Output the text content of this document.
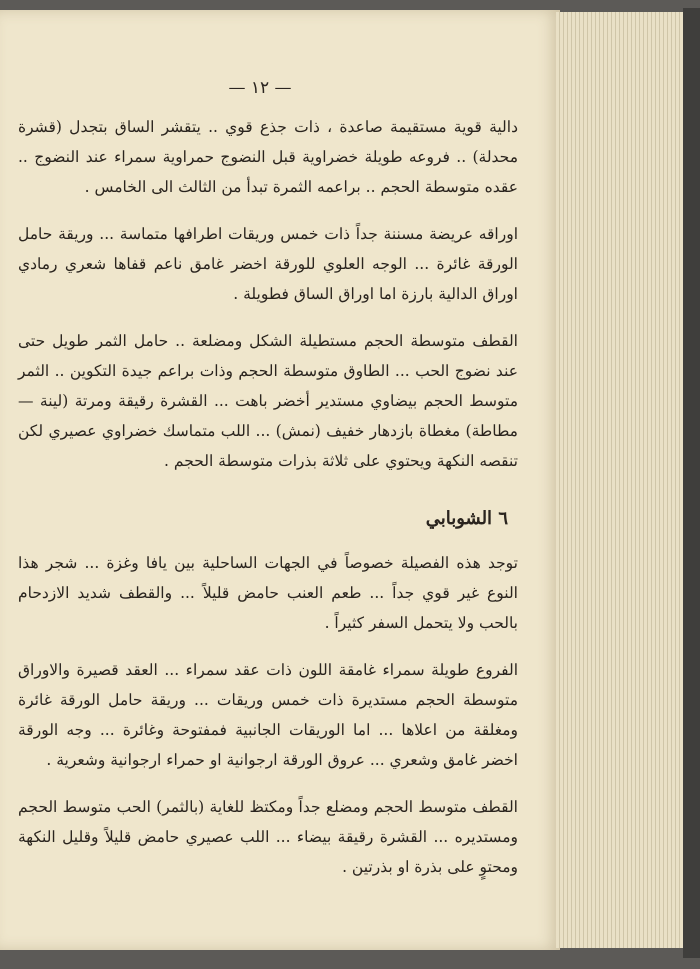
— ١٢ —

دالية قوية مستقيمة صاعدة ، ذات جذع قوي .. يتقشر الساق بتجدل (قشرة محدلة) .. فروعه طويلة خضراوية قبل النضوج حمراوية سمراء عند النضوج .. عقده متوسطة الحجم .. براعمه الثمرة تبدأ من الثالث الى الخامس .

اوراقه عريضة مسننة جداً ذات خمس وريقات اطرافها متماسة ... وريقة حامل الورقة غائرة ... الوجه العلوي للورقة اخضر غامق ناعم قفاها شعري رمادي اوراق الدالية بارزة اما اوراق الساق فطويلة .

القطف متوسطة الحجم مستطيلة الشكل ومضلعة .. حامل الثمر طويل حتى عند نضوج الحب ... الطاوق متوسطة الحجم وذات براعم جيدة التكوين .. الثمر متوسط الحجم بيضاوي مستدير أخضر باهت ... القشرة رقيقة ومرتة (لينة — مطاطة) مغطاة بازدهار خفيف (نمش) ... اللب متماسك خضراوي عصيري لكن تنقصه النكهة ويحتوي على ثلاثة بذرات متوسطة الحجم .

٦ الشوبابي

توجد هذه الفصيلة خصوصاً في الجهات الساحلية بين يافا وغزة ... شجر هذا النوع غير قوي جداً ... طعم العنب حامض قليلاً ... والقطف شديد الازدحام بالحب ولا يتحمل السفر كثيراً .

الفروع طويلة سمراء غامقة اللون ذات عقد سمراء ... العقد قصيرة والاوراق متوسطة الحجم مستديرة ذات خمس وريقات ... وريقة حامل الورقة غائرة ومغلقة من اعلاها ... اما الوريقات الجانبية فمفتوحة وغائرة ... وجه الورقة اخضر غامق وشعري ... عروق الورقة ارجوانية او حمراء ارجوانية وشعرية .

القطف متوسط الحجم ومضلع جداً ومكتظ للغاية (بالثمر) الحب متوسط الحجم ومستديره ... القشرة رقيقة بيضاء ... اللب عصيري حامض قليلاً وقليل النكهة ومحتوٍ على بذرة او بذرتين .
